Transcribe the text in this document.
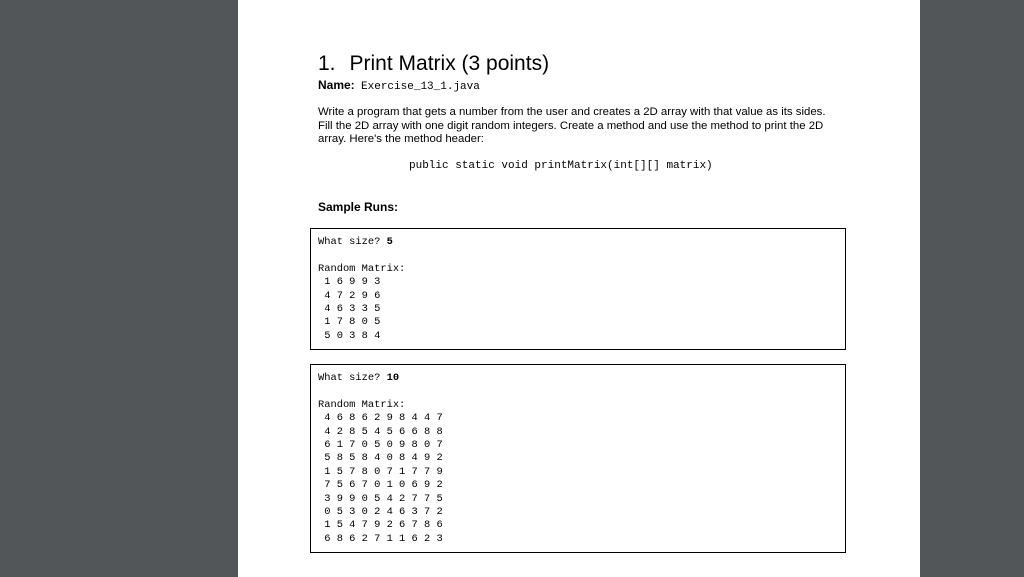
1. Print Matrix (3 points)
Name: Exercise_13_1.java
Write a program that gets a number from the user and creates a 2D array with that value as its sides. Fill the 2D array with one digit random integers. Create a method and use the method to print the 2D array. Here's the method header:
public static void printMatrix(int[][] matrix)
Sample Runs:
What size? 5
Random Matrix:
1 6 9 9 3
4 7 2 9 6
4 6 3 3 5
1 7 8 0 5
5 0 3 8 4
What size? 10
Random Matrix:
4 6 8 6 2 9 8 4 4 7
4 2 8 5 4 5 6 6 8 8
6 1 7 0 5 0 9 8 0 7
5 8 5 8 4 0 8 4 9 2
1 5 7 8 0 7 1 7 7 9
7 5 6 7 0 1 0 6 9 2
3 9 9 0 5 4 2 7 7 5
0 5 3 0 2 4 6 3 7 2
1 5 4 7 9 2 6 7 8 6
6 8 6 2 7 1 1 6 2 3
